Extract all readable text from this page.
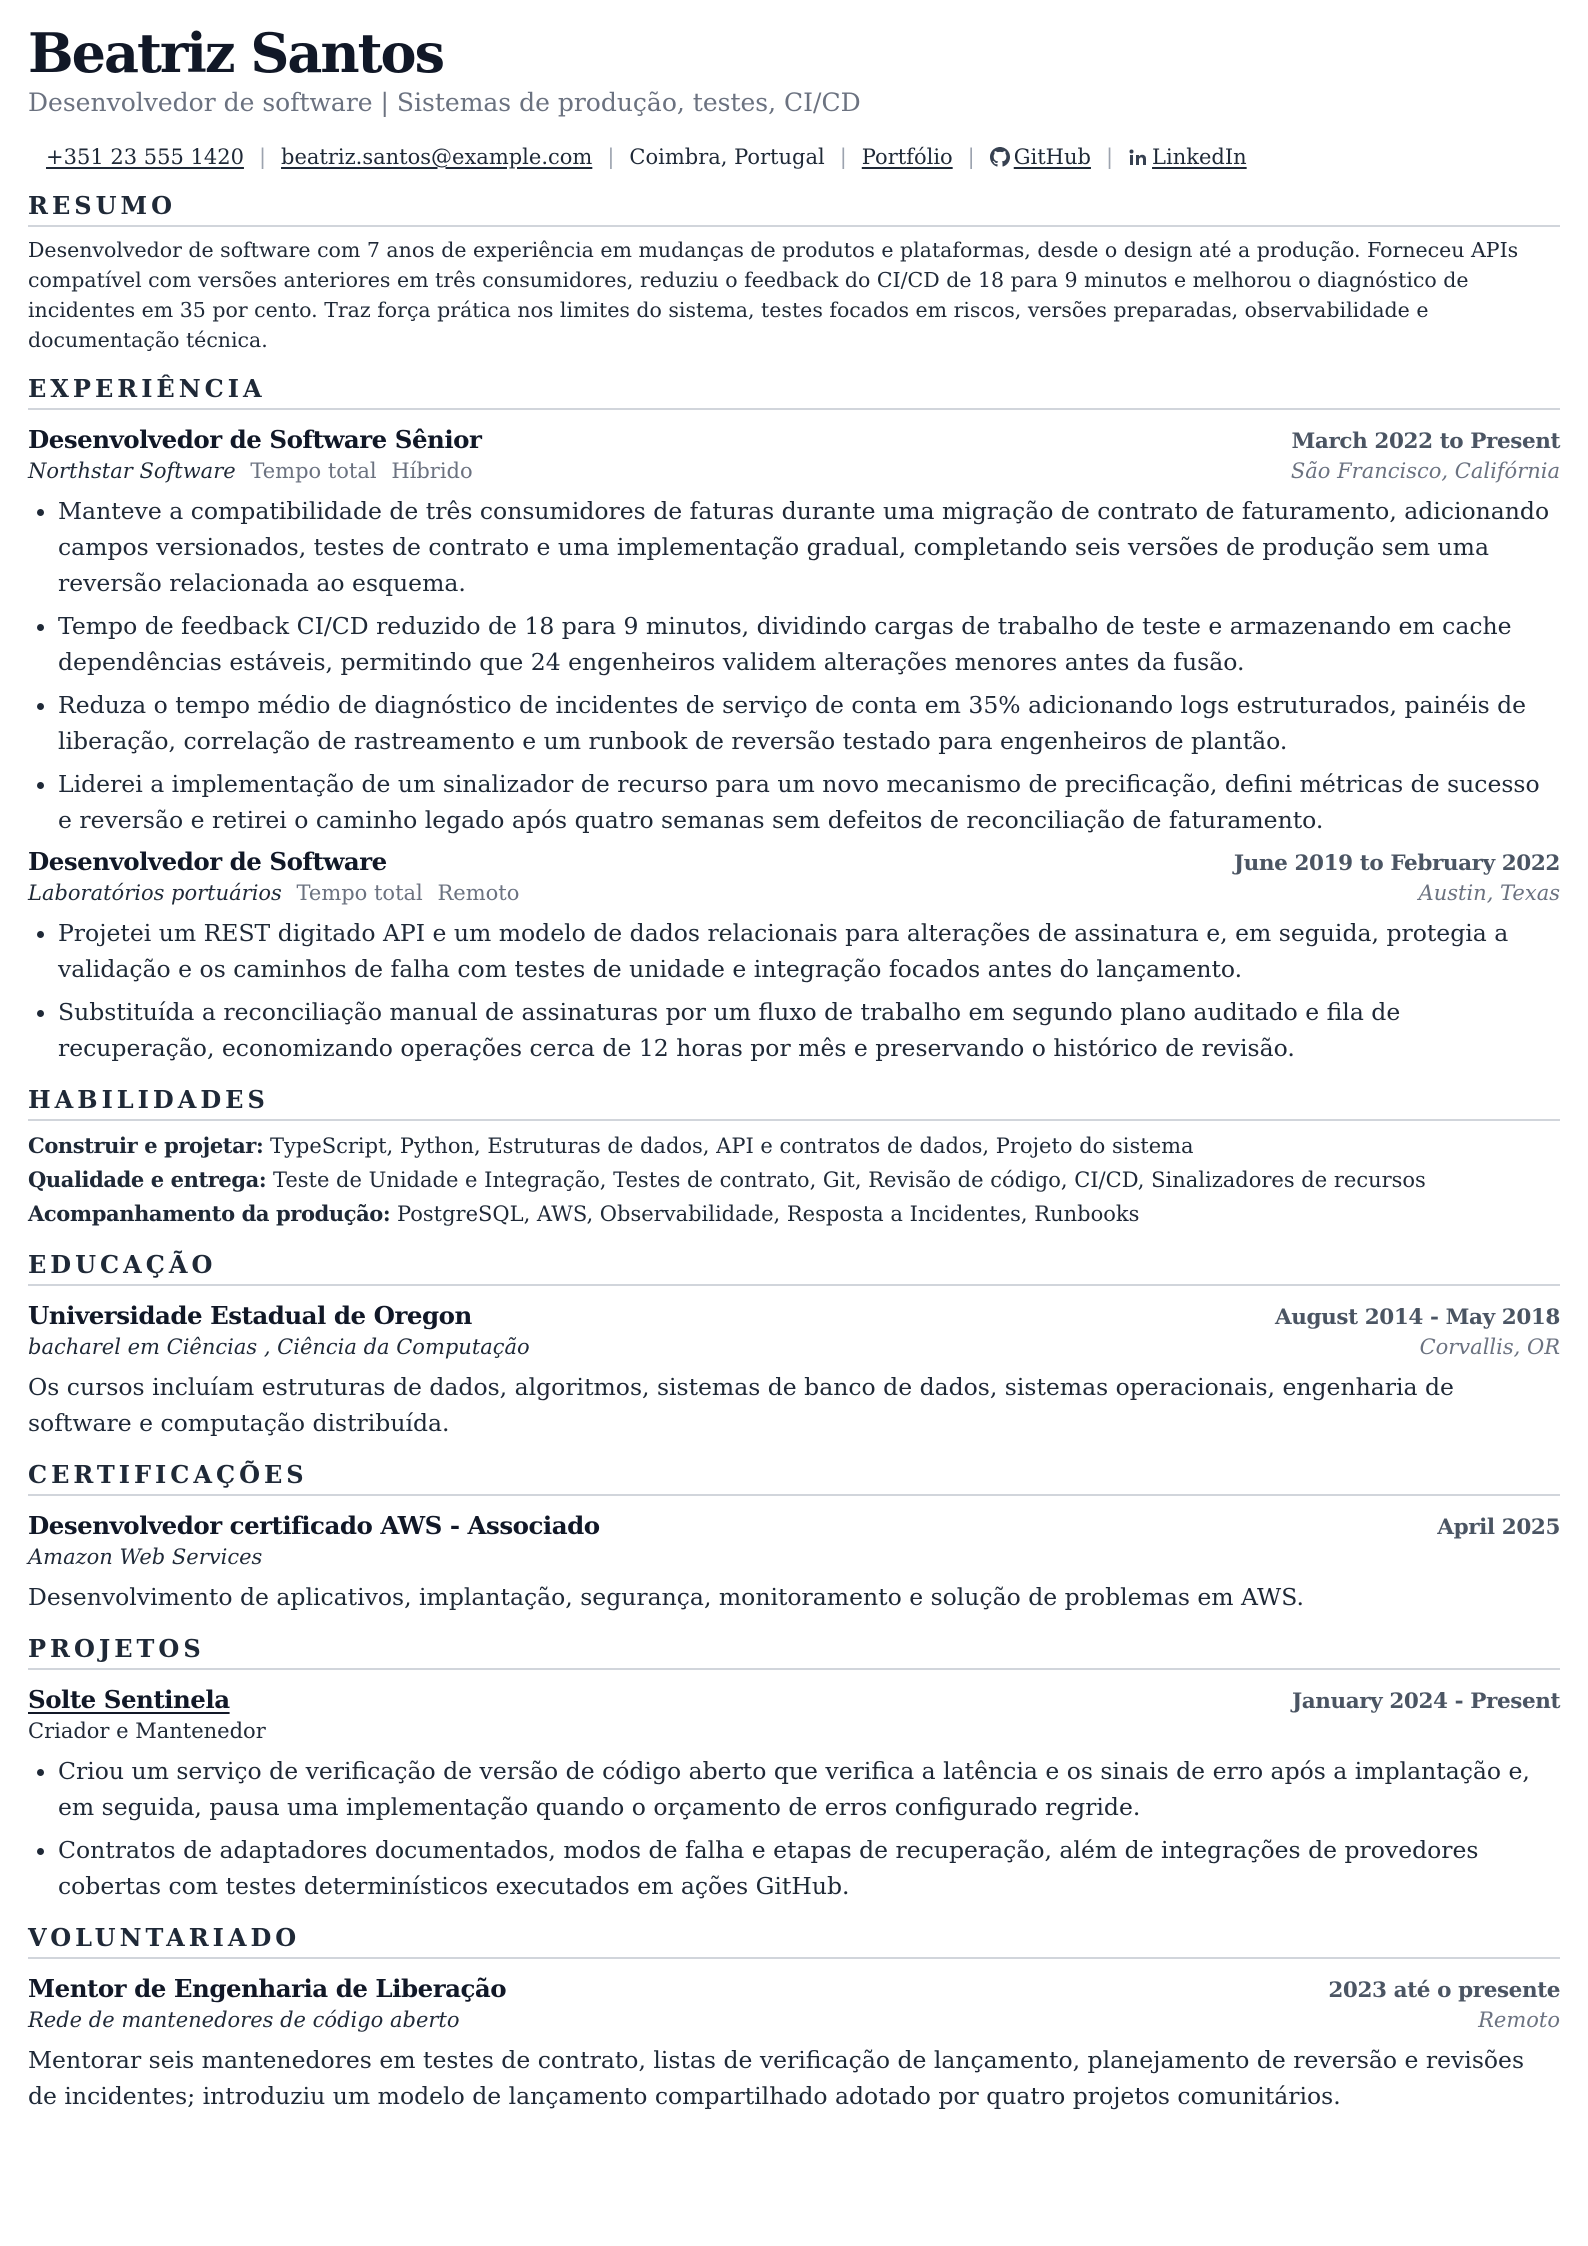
Beatriz Santos
Desenvolvedor de software | Sistemas de produção, testes, CI/CD
+351 23 555 1420 | beatriz.santos@example.com | Coimbra, Portugal | Portfólio | GitHub | LinkedIn
RESUMO
Desenvolvedor de software com 7 anos de experiência em mudanças de produtos e plataformas, desde o design até a produção. Forneceu APIs compatível com versões anteriores em três consumidores, reduziu o feedback do CI/CD de 18 para 9 minutos e melhorou o diagnóstico de incidentes em 35 por cento. Traz força prática nos limites do sistema, testes focados em riscos, versões preparadas, observabilidade e documentação técnica.
EXPERIÊNCIA
Desenvolvedor de Software Sênior	March 2022 to Present
Northstar Software Tempo total Híbrido	São Francisco, Califórnia
• Manteve a compatibilidade de três consumidores de faturas durante uma migração de contrato de faturamento, adicionando campos versionados, testes de contrato e uma implementação gradual, completando seis versões de produção sem uma reversão relacionada ao esquema.
• Tempo de feedback CI/CD reduzido de 18 para 9 minutos, dividindo cargas de trabalho de teste e armazenando em cache dependências estáveis, permitindo que 24 engenheiros validem alterações menores antes da fusão.
• Reduza o tempo médio de diagnóstico de incidentes de serviço de conta em 35% adicionando logs estruturados, painéis de liberação, correlação de rastreamento e um runbook de reversão testado para engenheiros de plantão.
• Liderei a implementação de um sinalizador de recurso para um novo mecanismo de precificação, defini métricas de sucesso e reversão e retirei o caminho legado após quatro semanas sem defeitos de reconciliação de faturamento.
Desenvolvedor de Software	June 2019 to February 2022
Laboratórios portuários Tempo total Remoto	Austin, Texas
• Projetei um REST digitado API e um modelo de dados relacionais para alterações de assinatura e, em seguida, protegia a validação e os caminhos de falha com testes de unidade e integração focados antes do lançamento.
• Substituída a reconciliação manual de assinaturas por um fluxo de trabalho em segundo plano auditado e fila de recuperação, economizando operações cerca de 12 horas por mês e preservando o histórico de revisão.
HABILIDADES
Construir e projetar: TypeScript, Python, Estruturas de dados, API e contratos de dados, Projeto do sistema
Qualidade e entrega: Teste de Unidade e Integração, Testes de contrato, Git, Revisão de código, CI/CD, Sinalizadores de recursos
Acompanhamento da produção: PostgreSQL, AWS, Observabilidade, Resposta a Incidentes, Runbooks
EDUCAÇÃO
Universidade Estadual de Oregon	August 2014 - May 2018
bacharel em Ciências , Ciência da Computação	Corvallis, OR
Os cursos incluíam estruturas de dados, algoritmos, sistemas de banco de dados, sistemas operacionais, engenharia de software e computação distribuída.
CERTIFICAÇÕES
Desenvolvedor certificado AWS - Associado	April 2025
Amazon Web Services
Desenvolvimento de aplicativos, implantação, segurança, monitoramento e solução de problemas em AWS.
PROJETOS
Solte Sentinela	January 2024 - Present
Criador e Mantenedor
• Criou um serviço de verificação de versão de código aberto que verifica a latência e os sinais de erro após a implantação e, em seguida, pausa uma implementação quando o orçamento de erros configurado regride.
• Contratos de adaptadores documentados, modos de falha e etapas de recuperação, além de integrações de provedores cobertas com testes determinísticos executados em ações GitHub.
VOLUNTARIADO
Mentor de Engenharia de Liberação	2023 até o presente
Rede de mantenedores de código aberto	Remoto
Mentorar seis mantenedores em testes de contrato, listas de verificação de lançamento, planejamento de reversão e revisões de incidentes; introduziu um modelo de lançamento compartilhado adotado por quatro projetos comunitários.
